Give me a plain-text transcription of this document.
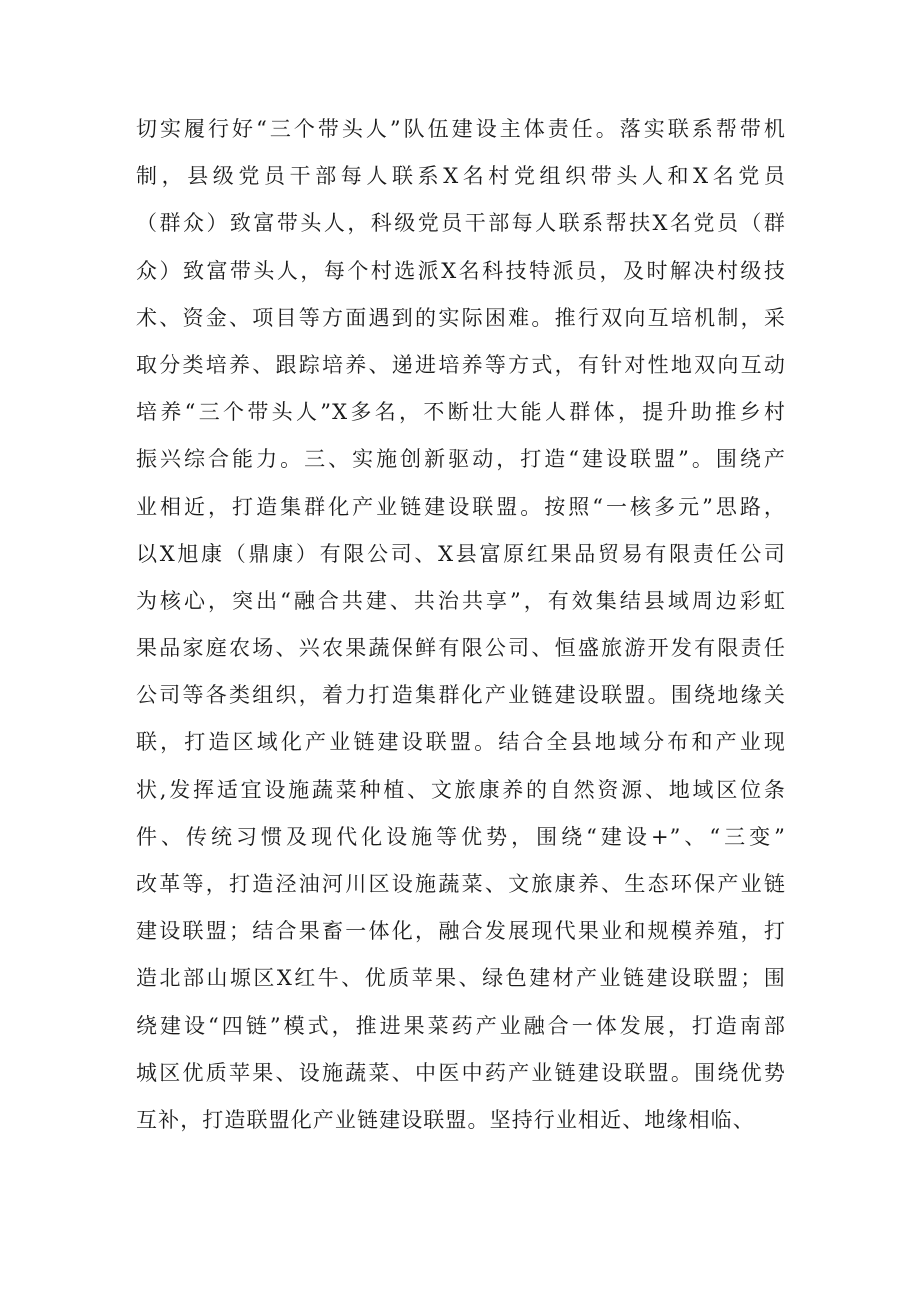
切实履行好“三个带头人”队伍建设主体责任。落实联系帮带机
制，县级党员干部每人联系X名村党组织带头人和X名党员
（群众）致富带头人，科级党员干部每人联系帮扶X名党员（群
众）致富带头人，每个村选派X名科技特派员，及时解决村级技
术、资金、项目等方面遇到的实际困难。推行双向互培机制，采
取分类培养、跟踪培养、递进培养等方式，有针对性地双向互动
培养“三个带头人”X多名，不断壮大能人群体，提升助推乡村
振兴综合能力。三、实施创新驱动，打造“建设联盟”。围绕产
业相近，打造集群化产业链建设联盟。按照“一核多元”思路，
以X旭康（鼎康）有限公司、X县富原红果品贸易有限责任公司
为核心，突出“融合共建、共治共享”，有效集结县域周边彩虹
果品家庭农场、兴农果蔬保鲜有限公司、恒盛旅游开发有限责任
公司等各类组织，着力打造集群化产业链建设联盟。围绕地缘关
联，打造区域化产业链建设联盟。结合全县地域分布和产业现
状,发挥适宜设施蔬菜种植、文旅康养的自然资源、地域区位条
件、传统习惯及现代化设施等优势，围绕“建设+”、“三变”
改革等，打造泾油河川区设施蔬菜、文旅康养、生态环保产业链
建设联盟；结合果畜一体化，融合发展现代果业和规模养殖，打
造北部山塬区X红牛、优质苹果、绿色建材产业链建设联盟；围
绕建设“四链”模式，推进果菜药产业融合一体发展，打造南部
城区优质苹果、设施蔬菜、中医中药产业链建设联盟。围绕优势
互补，打造联盟化产业链建设联盟。坚持行业相近、地缘相临、
